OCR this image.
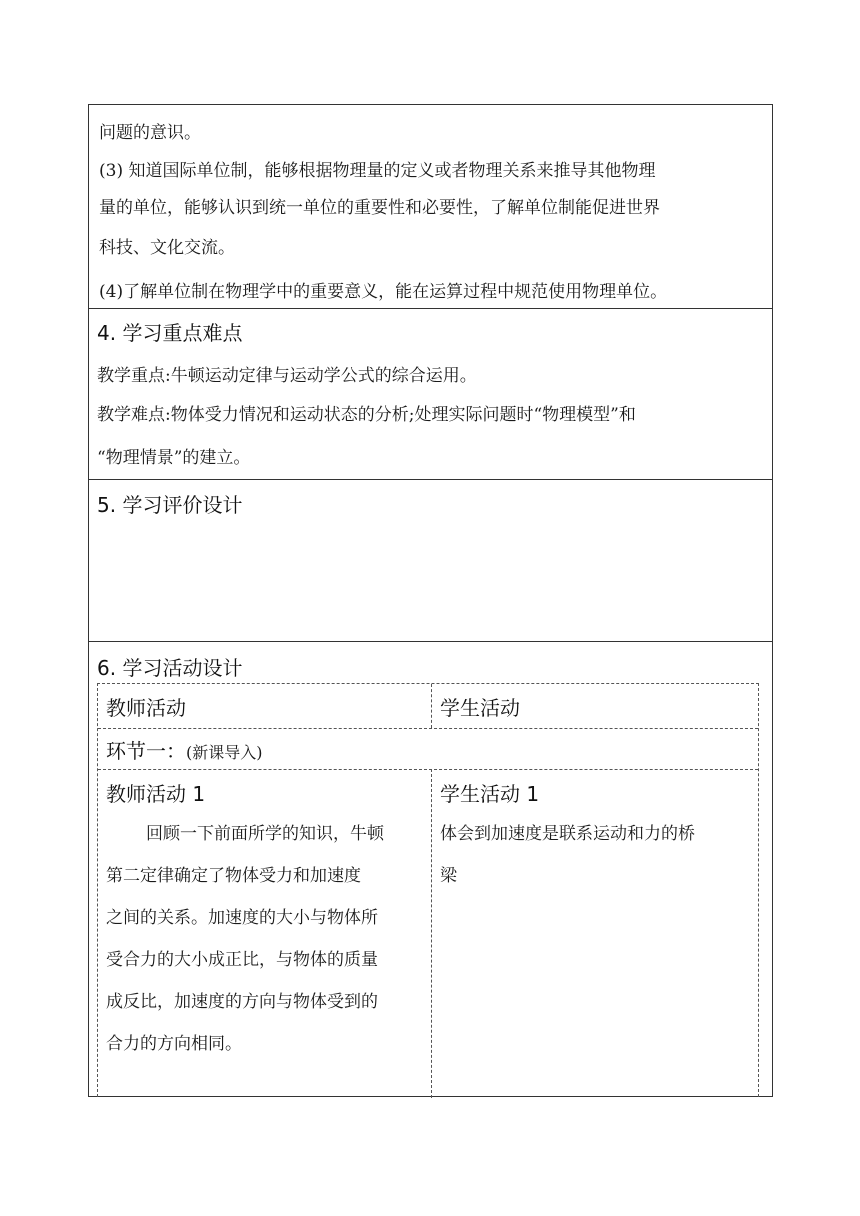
问题的意识。
(3) 知道国际单位制，能够根据物理量的定义或者物理关系来推导其他物理
量的单位，能够认识到统一单位的重要性和必要性，了解单位制能促进世界
科技、文化交流。
(4)了解单位制在物理学中的重要意义，能在运算过程中规范使用物理单位。
4. 学习重点难点
教学重点:牛顿运动定律与运动学公式的综合运用。
教学难点:物体受力情况和运动状态的分析;处理实际问题时“物理模型”和
“物理情景”的建立。
5. 学习评价设计
6. 学习活动设计
教师活动	学生活动
环节一：(新课导入)
教师活动 1
回顾一下前面所学的知识，牛顿
第二定律确定了物体受力和加速度
之间的关系。加速度的大小与物体所
受合力的大小成正比，与物体的质量
成反比，加速度的方向与物体受到的
合力的方向相同。
学生活动 1
体会到加速度是联系运动和力的桥
梁
